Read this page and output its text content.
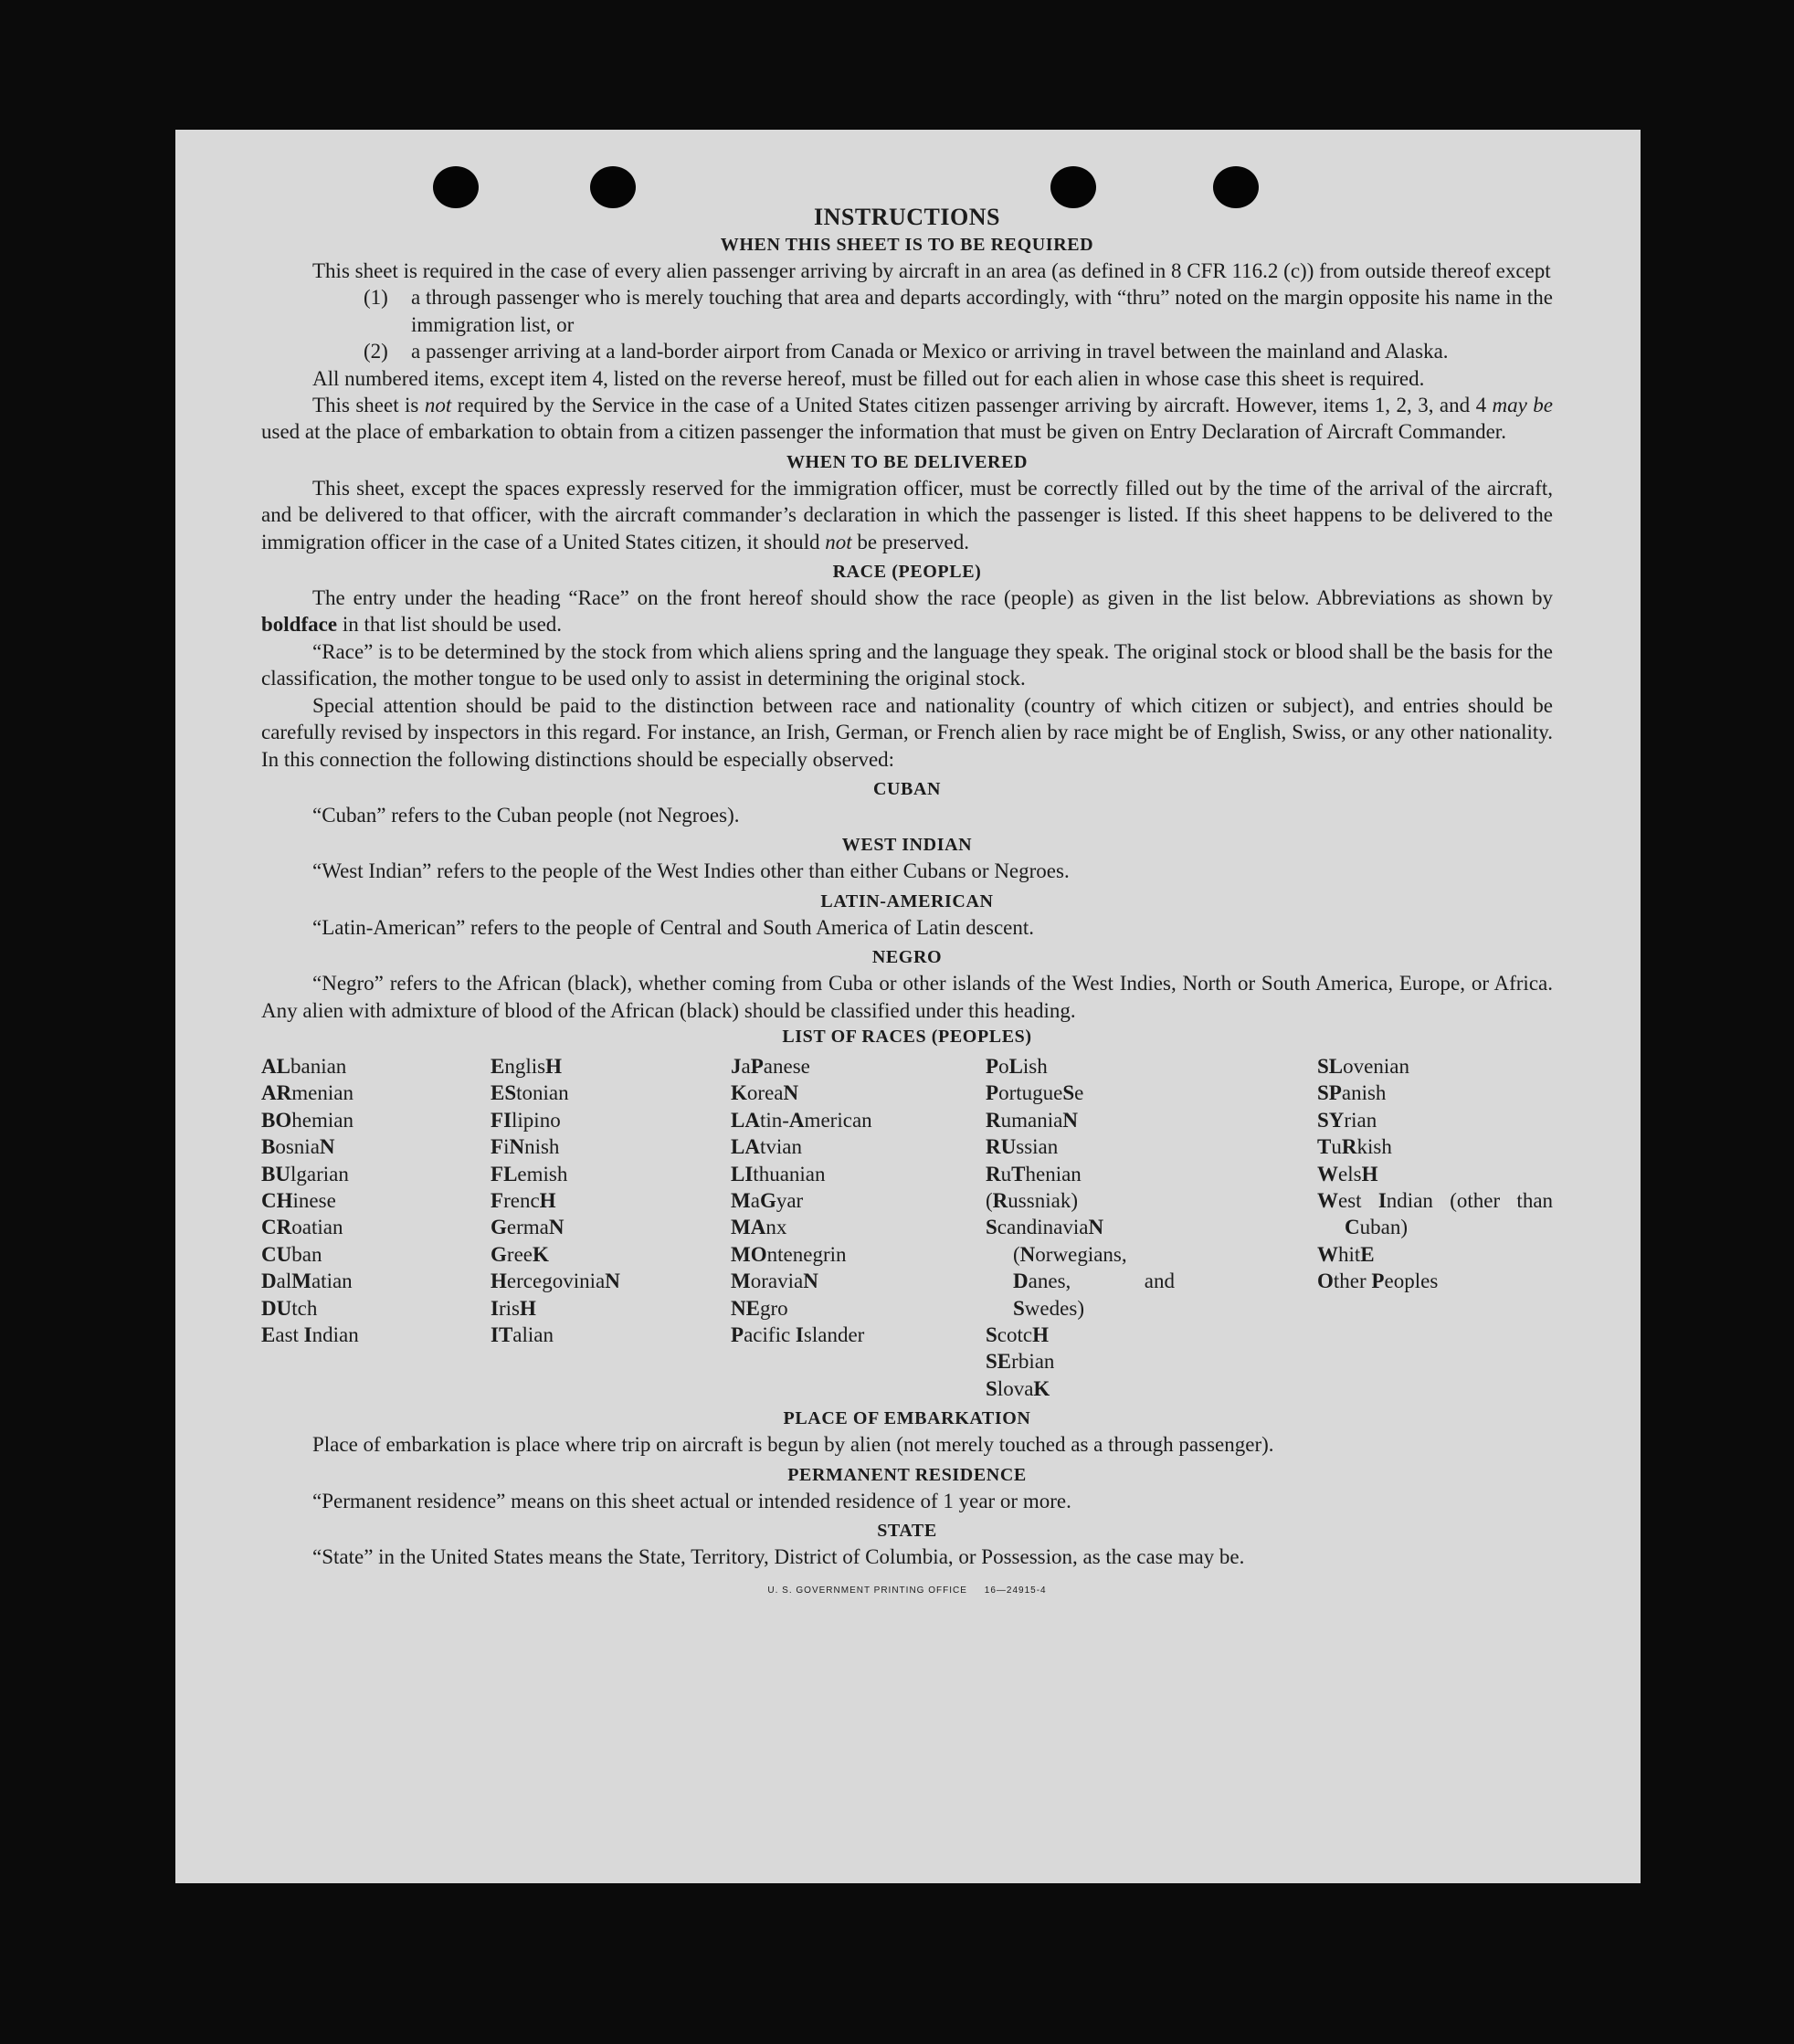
INSTRUCTIONS
WHEN THIS SHEET IS TO BE REQUIRED

This sheet is required in the case of every alien passenger arriving by aircraft in an area (as defined in 8 CFR 116.2 (c)) from outside thereof except

(1)	a through passenger who is merely touching that area and departs accordingly, with “thru” noted on the margin opposite his name in the immigration list, or
(2)	a passenger arriving at a land-border airport from Canada or Mexico or arriving in travel between the mainland and Alaska.

All numbered items, except item 4, listed on the reverse hereof, must be filled out for each alien in whose case this sheet is required.

This sheet is not required by the Service in the case of a United States citizen passenger arriving by aircraft. However, items 1, 2, 3, and 4 may be used at the place of embarkation to obtain from a citizen passenger the information that must be given on Entry Declaration of Aircraft Commander.

WHEN TO BE DELIVERED

This sheet, except the spaces expressly reserved for the immigration officer, must be correctly filled out by the time of the arrival of the aircraft, and be delivered to that officer, with the aircraft commander’s declaration in which the passenger is listed. If this sheet happens to be delivered to the immigration officer in the case of a United States citizen, it should not be preserved.

RACE (PEOPLE)

The entry under the heading “Race” on the front hereof should show the race (people) as given in the list below. Abbreviations as shown by boldface in that list should be used.

“Race” is to be determined by the stock from which aliens spring and the language they speak. The original stock or blood shall be the basis for the classification, the mother tongue to be used only to assist in determining the original stock.

Special attention should be paid to the distinction between race and nationality (country of which citizen or subject), and entries should be carefully revised by inspectors in this regard. For instance, an Irish, German, or French alien by race might be of English, Swiss, or any other nationality. In this connection the following distinctions should be especially observed:

CUBAN

“Cuban” refers to the Cuban people (not Negroes).

WEST INDIAN

“West Indian” refers to the people of the West Indies other than either Cubans or Negroes.

LATIN-AMERICAN

“Latin-American” refers to the people of Central and South America of Latin descent.

NEGRO

“Negro” refers to the African (black), whether coming from Cuba or other islands of the West Indies, North or South America, Europe, or Africa. Any alien with admixture of blood of the African (black) should be classified under this heading.

LIST OF RACES (PEOPLES)
ALbanian
ARmenian
BOhemian
BosniaN
BUlgarian
CHinese
CRoatian
CUban
DalMatian
DUtch
East Indian
EnglisH
EStonian
FIlipino
FiNnish
FLemish
FrencH
GermaN
GreeK
HercegoviniaN
IrisH
ITalian
JaPanese
KoreaN
LAtin-American
LAtvian
LIthuanian
MaGyar
MAnx
MOntenegrin
MoraviaN
NEgro
Pacific Islander
PoLish
PortugueSe
RumaniaN
RUssian
RuThenian (Russniak)
ScandinaviaN (Norwegians, Danes,	and Swedes)
ScotcH
SErbian
SlovaK
SLovenian
SPanish
SYrian
TuRkish
WelsH
West Indian (other than Cuban)
WhitE
Other Peoples
PLACE OF EMBARKATION

Place of embarkation is place where trip on aircraft is begun by alien (not merely touched as a through passenger).

PERMANENT RESIDENCE

“Permanent residence” means on this sheet actual or intended residence of 1 year or more.

STATE

“State” in the United States means the State, Territory, District of Columbia, or Possession, as the case may be.

U. S. GOVERNMENT PRINTING OFFICE     16—24915-4
